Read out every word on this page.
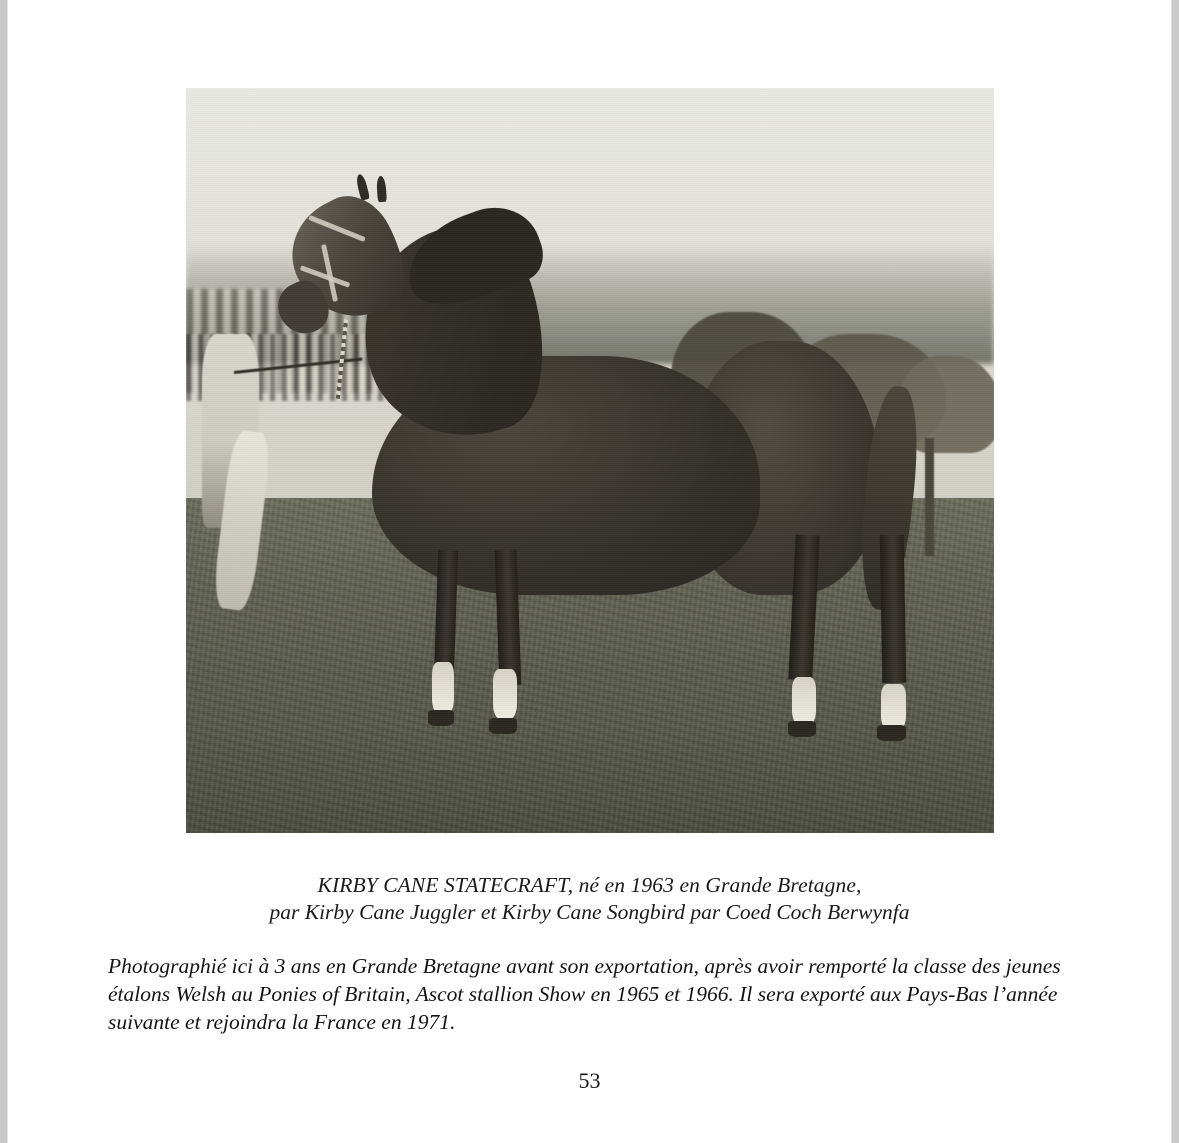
KIRBY CANE STATECRAFT, né en 1963 en Grande Bretagne,
par Kirby Cane Juggler et Kirby Cane Songbird par Coed Coch Berwynfa
Photographié ici à 3 ans en Grande Bretagne avant son exportation, après avoir remporté la classe des jeunes étalons Welsh au Ponies of Britain, Ascot stallion Show en 1965 et 1966. Il sera exporté aux Pays-Bas l’année suivante et rejoindra la France en 1971.
53
